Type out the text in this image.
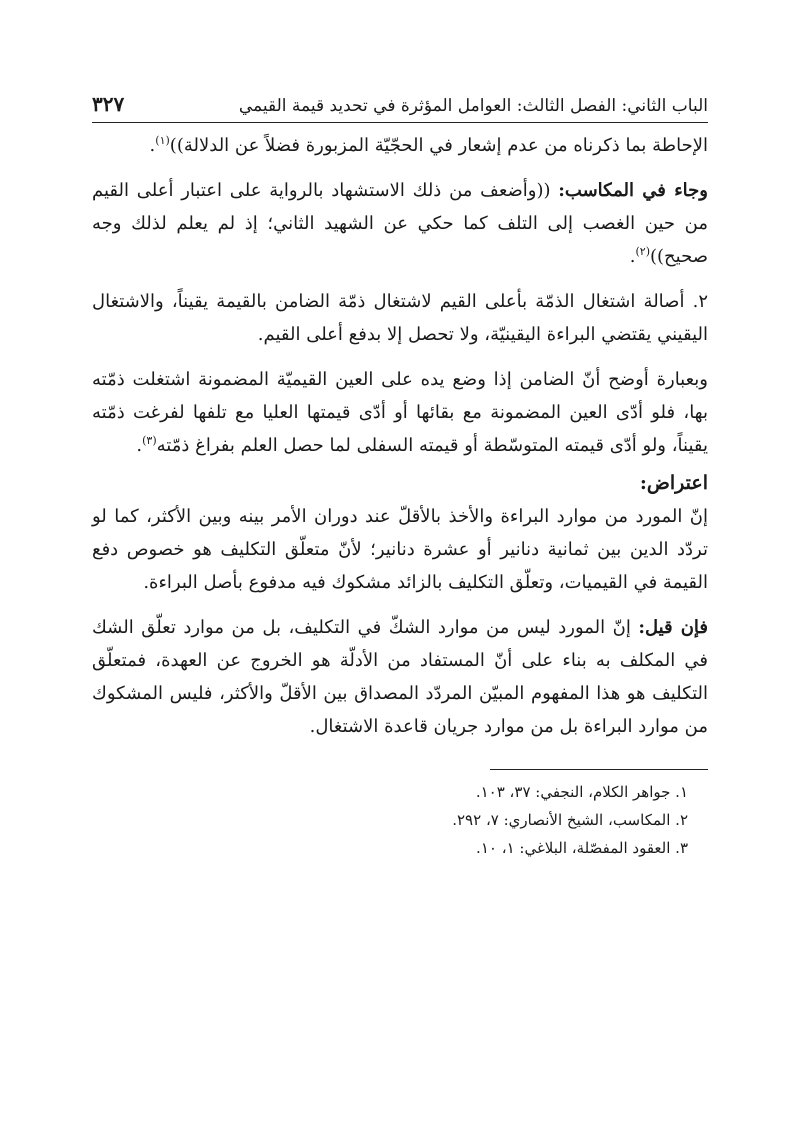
الباب الثاني: الفصل الثالث: العوامل المؤثرة في تحديد قيمة القيمي
٣٢٧

الإحاطة بما ذكرناه من عدم إشعار في الحجّيّة المزبورة فضلاً عن الدلالة))$^{(١)}$.

وجاء في المكاسب: ((وأضعف من ذلك الاستشهاد بالرواية على اعتبار أعلى القيم من حين الغصب إلى التلف كما حكي عن الشهيد الثاني؛ إذ لم يعلم لذلك وجه صحيح))$^{(٢)}$.

٢. أصالة اشتغال الذمّة بأعلى القيم لاشتغال ذمّة الضامن بالقيمة يقيناً، والاشتغال اليقيني يقتضي البراءة اليقينيّة، ولا تحصل إلا بدفع أعلى القيم.

وبعبارة أوضح أنّ الضامن إذا وضع يده على العين القيميّة المضمونة اشتغلت ذمّته بها، فلو أدّى العين المضمونة مع بقائها أو أدّى قيمتها العليا مع تلفها لفرغت ذمّته يقيناً، ولو أدّى قيمته المتوسّطة أو قيمته السفلى لما حصل العلم بفراغ ذمّته$^{(٣)}$.

اعتراض:

إنّ المورد من موارد البراءة والأخذ بالأقلّ عند دوران الأمر بينه وبين الأكثر، كما لو تردّد الدين بين ثمانية دنانير أو عشرة دنانير؛ لأنّ متعلّق التكليف هو خصوص دفع القيمة في القيميات، وتعلّق التكليف بالزائد مشكوك فيه مدفوع بأصل البراءة.

فإن قيل: إنّ المورد ليس من موارد الشكّ في التكليف، بل من موارد تعلّق الشك في المكلف به بناء على أنّ المستفاد من الأدلّة هو الخروج عن العهدة، فمتعلّق التكليف هو هذا المفهوم المبيّن المردّد المصداق بين الأقلّ والأكثر، فليس المشكوك من موارد البراءة بل من موارد جريان قاعدة الاشتغال.

١. جواهر الكلام، النجفي: ٣٧، ١٠٣.
٢. المكاسب، الشيخ الأنصاري: ٧، ٢٩٢.
٣. العقود المفصّلة، البلاغي: ١، ١٠.
